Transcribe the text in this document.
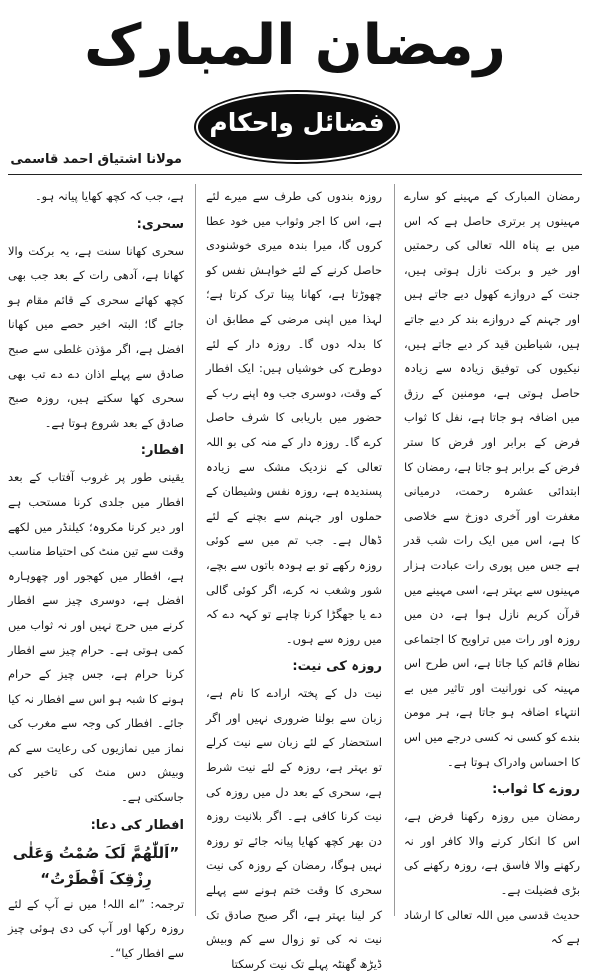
رمضان المبارک
فضائل واحکام
مولانا اشتیاق احمد قاسمی

رمضان المبارک کے مہینے کو سارے مہینوں پر برتری حاصل ہے کہ اس میں بے پناہ اللہ تعالی کی رحمتیں اور خیر و برکت نازل ہوتی ہیں، جنت کے دروازے کھول دیے جاتے ہیں اور جہنم کے دروازے بند کر دیے جاتے ہیں، شیاطین قید کر دیے جاتے ہیں، نیکیوں کی توفیق زیادہ سے زیادہ حاصل ہوتی ہے، مومنین کے رزق میں اضافہ ہو جاتا ہے، نفل کا ثواب فرض کے برابر اور فرض کا ستر فرض کے برابر ہو جاتا ہے، رمضان کا ابتدائی عشرہ رحمت، درمیانی مغفرت اور آخری دوزخ سے خلاصی کا ہے، اس میں ایک رات شب قدر ہے جس میں پوری رات عبادت ہزار مہینوں سے بہتر ہے، اسی مہینے میں قرآن کریم نازل ہوا ہے، دن میں روزہ اور رات میں تراویح کا اجتماعی نظام قائم کیا جاتا ہے، اس طرح اس مہینہ کی نورانیت اور تاثیر میں بے انتہاء اضافہ ہو جاتا ہے، ہر مومن بندے کو کسی نہ کسی درجے میں اس کا احساس وادراک ہوتا ہے۔

روزے کا ثواب:

رمضان میں روزہ رکھنا فرض ہے، اس کا انکار کرنے والا کافر اور نہ رکھنے والا فاسق ہے، روزہ رکھنے کی بڑی فضیلت ہے۔

حدیث قدسی میں اللہ تعالی کا ارشاد ہے کہ

روزہ بندوں کی طرف سے میرے لئے ہے، اس کا اجر وثواب میں خود عطا کروں گا، میرا بندہ میری خوشنودی حاصل کرنے کے لئے خواہش نفس کو چھوڑتا ہے، کھانا پینا ترک کرتا ہے؛ لہذا میں اپنی مرضی کے مطابق ان کا بدلہ دوں گا۔ روزہ دار کے لئے دوطرح کی خوشیاں ہیں: ایک افطار کے وقت، دوسری جب وہ اپنے رب کے حضور میں باریابی کا شرف حاصل کرے گا۔ روزہ دار کے منہ کی بو اللہ تعالی کے نزدیک مشک سے زیادہ پسندیدہ ہے، روزہ نفس وشیطان کے حملوں اور جہنم سے بچنے کے لئے ڈھال ہے۔ جب تم میں سے کوئی روزہ رکھے تو بے ہودہ باتوں سے بچے، شور وشغب نہ کرے، اگر کوئی گالی دے یا جھگڑا کرنا چاہے تو کہہ دے کہ میں روزہ سے ہوں۔

روزہ کی نیت:

نیت دل کے پختہ ارادے کا نام ہے، زبان سے بولنا ضروری نہیں اور اگر استحضار کے لئے زبان سے نیت کرلے تو بہتر ہے، روزہ کے لئے نیت شرط ہے، سحری کے بعد دل میں روزہ کی نیت کرنا کافی ہے۔ اگر بلانیت روزہ دن بھر کچھ کھایا پیانہ جائے تو روزہ نہیں ہوگا، رمضان کے روزہ کی نیت سحری کا وقت ختم ہونے سے پہلے کر لینا بہتر ہے، اگر صبح صادق تک نیت نہ کی تو زوال سے کم وبیش ڈیڑھ گھنٹہ پہلے تک نیت کرسکتا

ہے، جب کہ کچھ کھایا پیانہ ہو۔

سحری:

سحری کھانا سنت ہے، یہ برکت والا کھانا ہے، آدھی رات کے بعد جب بھی کچھ کھائے سحری کے قائم مقام ہو جائے گا؛ البتہ اخیر حصے میں کھانا افضل ہے، اگر مؤذن غلطی سے صبح صادق سے پہلے اذان دے دے تب بھی سحری کھا سکتے ہیں، روزہ صبح صادق کے بعد شروع ہوتا ہے۔

افطار:

یقینی طور پر غروب آفتاب کے بعد افطار میں جلدی کرنا مستحب ہے اور دیر کرنا مکروہ؛ کیلنڈر میں لکھے وقت سے تین منٹ کی احتیاط مناسب ہے، افطار میں کھجور اور چھوہارہ افضل ہے، دوسری چیز سے افطار کرنے میں حرج نہیں اور نہ ثواب میں کمی ہوتی ہے۔ حرام چیز سے افطار کرنا حرام ہے، جس چیز کے حرام ہونے کا شبہ ہو اس سے افطار نہ کیا جائے۔ افطار کی وجہ سے مغرب کی نماز میں نمازیوں کی رعایت سے کم وبیش دس منٹ کی تاخیر کی جاسکتی ہے۔

افطار کی دعا:

”اَللّٰھُمَّ لَکَ صُمْتُ وَعَلٰی رِزْقِکَ اَفْطَرْتُ“

ترجمہ: ”اے اللہ! میں نے آپ کے لئے روزہ رکھا اور آپ کی دی ہوئی چیز سے افطار کیا“۔
